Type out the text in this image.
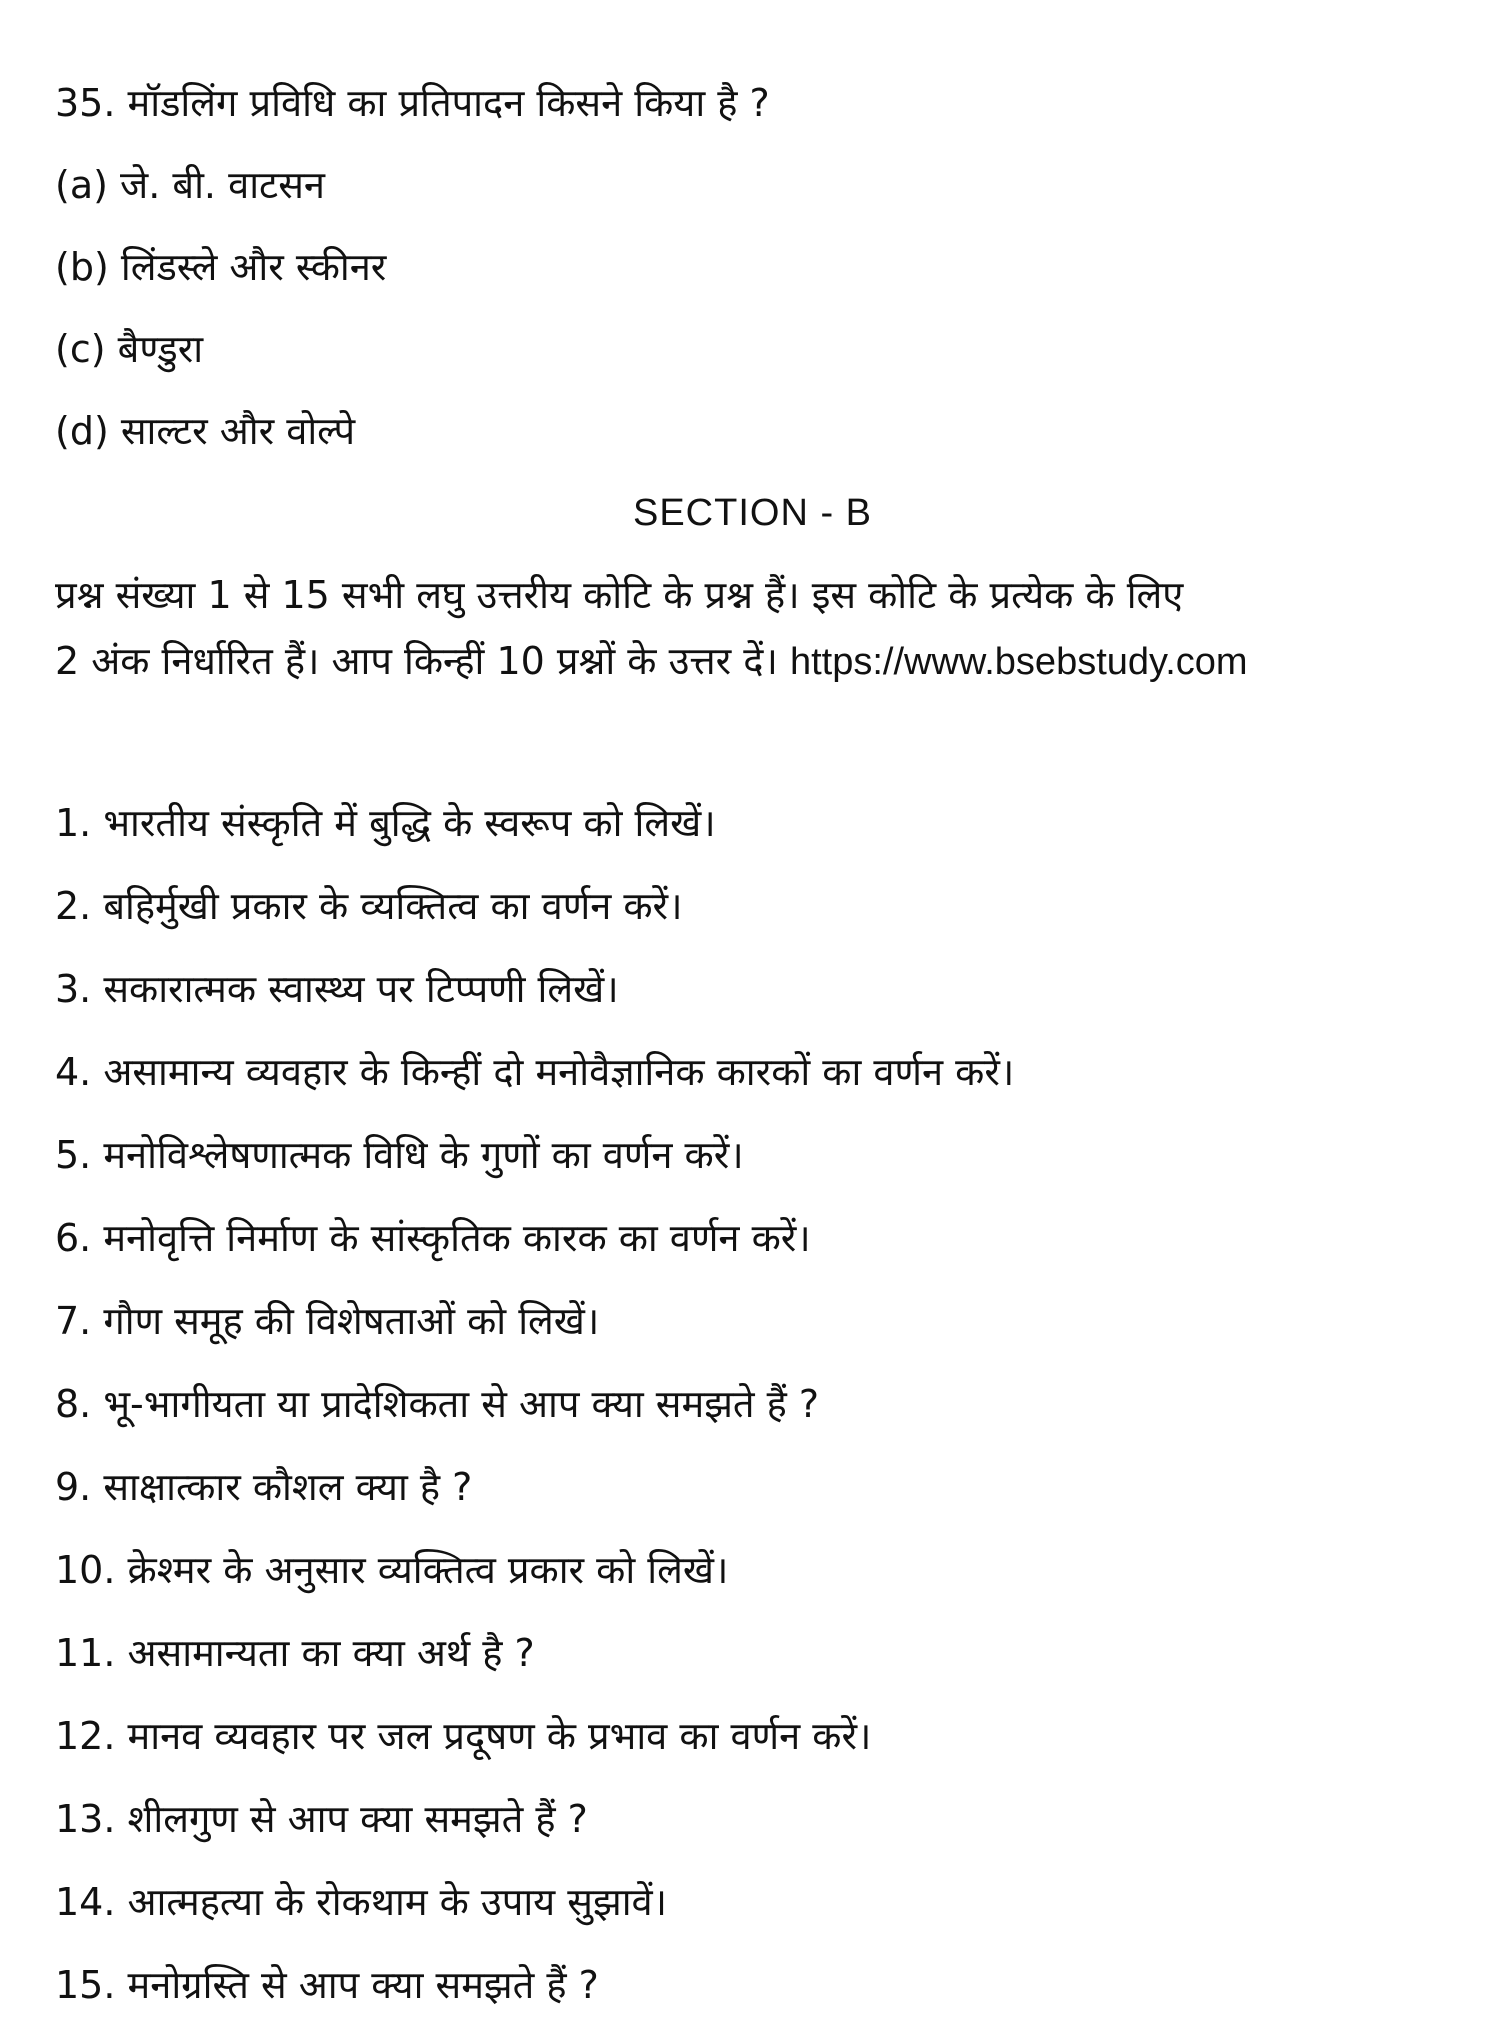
35. मॉडलिंग प्रविधि का प्रतिपादन किसने किया है ?
(a) जे. बी. वाटसन
(b) लिंडस्ले और स्कीनर
(c) बैण्डुरा
(d) साल्टर और वोल्पे
SECTION - B
प्रश्न संख्या 1 से 15 सभी लघु उत्तरीय कोटि के प्रश्न हैं। इस कोटि के प्रत्येक के लिए
2 अंक निर्धारित हैं। आप किन्हीं 10 प्रश्नों के उत्तर दें। https://www.bsebstudy.com
1. भारतीय संस्कृति में बुद्धि के स्वरूप को लिखें।
2. बहिर्मुखी प्रकार के व्यक्तित्व का वर्णन करें।
3. सकारात्मक स्वास्थ्य पर टिप्पणी लिखें।
4. असामान्य व्यवहार के किन्हीं दो मनोवैज्ञानिक कारकों का वर्णन करें।
5. मनोविश्लेषणात्मक विधि के गुणों का वर्णन करें।
6. मनोवृत्ति निर्माण के सांस्कृतिक कारक का वर्णन करें।
7. गौण समूह की विशेषताओं को लिखें।
8. भू-भागीयता या प्रादेशिकता से आप क्या समझते हैं ?
9. साक्षात्कार कौशल क्या है ?
10. क्रेश्मर के अनुसार व्यक्तित्व प्रकार को लिखें।
11. असामान्यता का क्या अर्थ है ?
12. मानव व्यवहार पर जल प्रदूषण के प्रभाव का वर्णन करें।
13. शीलगुण से आप क्या समझते हैं ?
14. आत्महत्या के रोकथाम के उपाय सुझावें।
15. मनोग्रस्ति से आप क्या समझते हैं ?
